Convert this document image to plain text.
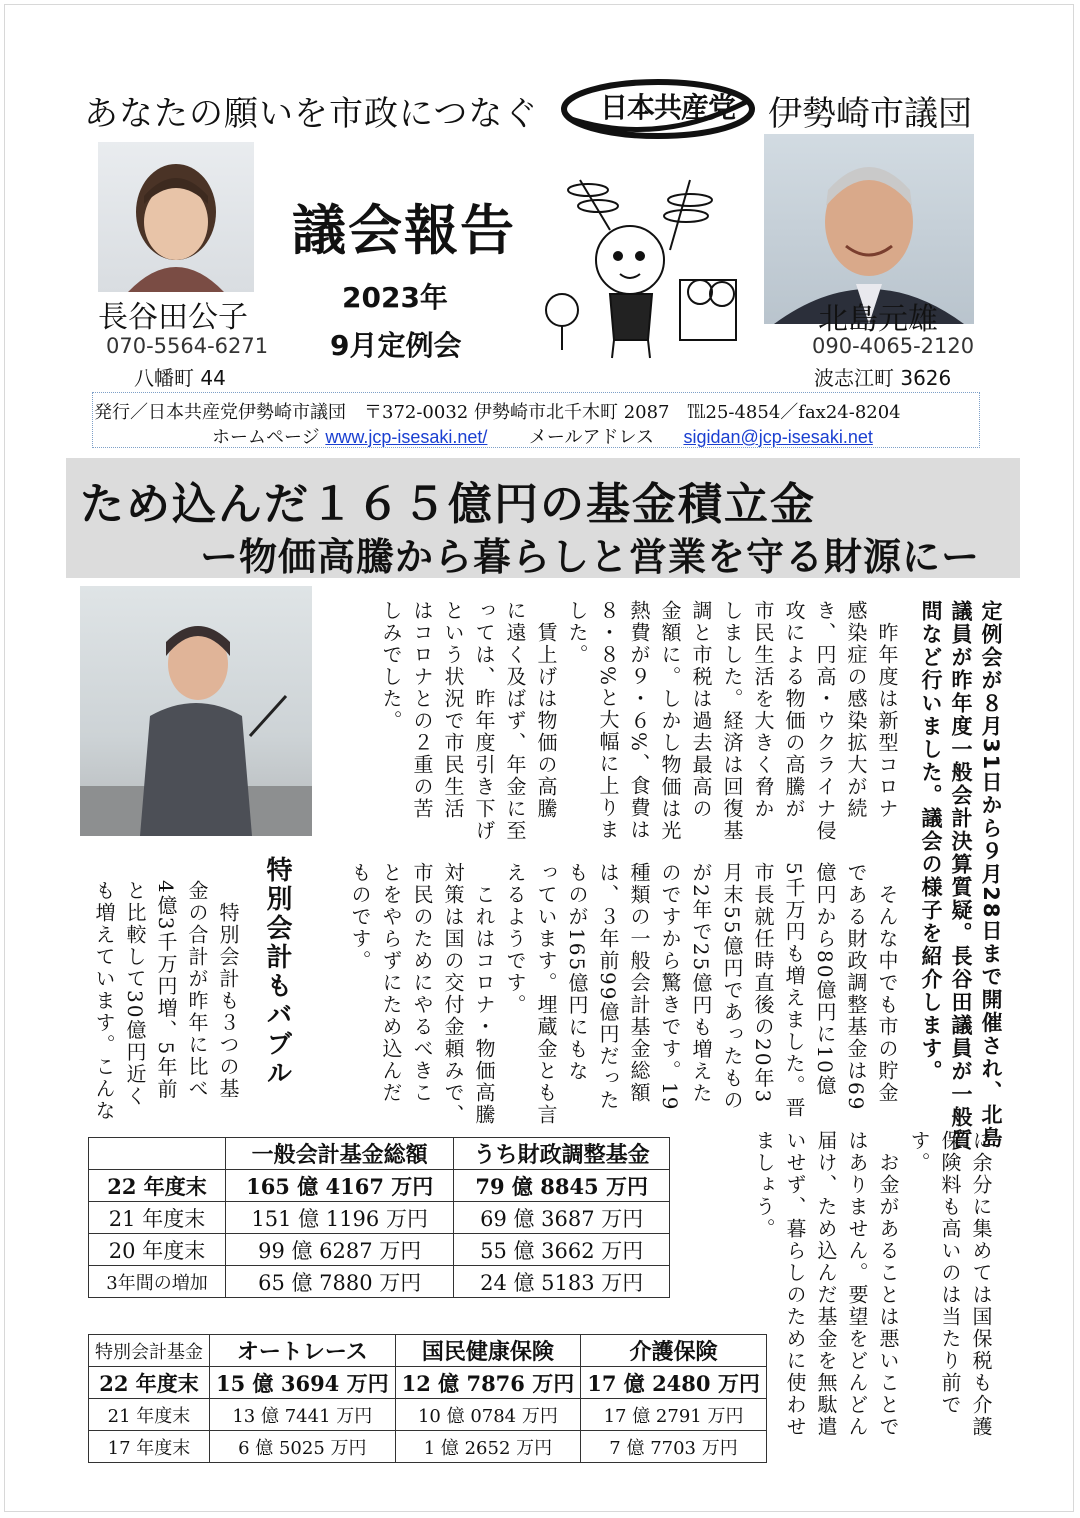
あなたの願いを市政につなぐ 日本共産党 伊勢崎市議団
長谷田公子
070-5564-6271
八幡町 44
議会報告
2023年
9月定例会
北島元雄
090-4065-2120
波志江町 3626
発行／日本共産党伊勢崎市議団　〒372-0032 伊勢崎市北千木町 2087　℡25-4854／fax24-8204
ホームページ www.jcp-isesaki.net/ メールアドレス sigidan@jcp-isesaki.net
ため込んだ１６５億円の基金積立金
ー物価高騰から暮らしと営業を守る財源にー
定例会が８月31日から９月28日まで開催され、北島
議員が昨年度一般会計決算質疑。長谷田議員が一般質
問など行いました。議会の様子を紹介します。
　昨年度は新型コロナ
感染症の感染拡大が続
き、円高・ウクライナ侵
攻による物価の高騰が
市民生活を大きく脅か
しました。経済は回復基
調と市税は過去最高の
金額に。しかし物価は光
熱費が９・６%、食費は
８・８%と大幅に上りま
した。
　賃上げは物価の高騰
に遠く及ばず、年金に至
っては、昨年度引き下げ
という状況で市民生活
はコロナとの２重の苦
しみでした。
　そんな中でも市の貯金
である財政調整基金は69
億円から80億円に10億
5千万円も増えました。晋
市長就任時直後の20年3
月末55億円であったもの
が2年で25億円も増えた
のですから驚きです。19
種類の一般会計基金総額
は、３年前99億円だった
ものが165億円にもな
っています。埋蔵金とも言
えるようです。
　これはコロナ・物価高騰
対策は国の交付金頼みで、
市民のためにやるべきこ
とをやらずにため込んだ
ものです。
特別会計もバブル
　特別会計も３つの基
金の合計が昨年に比べ
4億3千万円増、5年前
と比較して30億円近く
も増えています。こんな
に余分に集めては国保税も介護
保険料も高いのは当たり前で
す。
　お金があることは悪いことで
はありません。要望をどんどん
届け、ため込んだ基金を無駄遣
いせず、暮らしのために使わせ
ましょう。
	一般会計基金総額	うち財政調整基金
22 年度末	165 億 4167 万円	79 億 8845 万円
21 年度末	151 億 1196 万円	69 億 3687 万円
20 年度末	99 億 6287 万円	55 億 3662 万円
3年間の増加	65 億 7880 万円	24 億 5183 万円
特別会計基金	オートレース	国民健康保険	介護保険
22 年度末	15 億 3694 万円	12 億 7876 万円	17 億 2480 万円
21 年度末	13 億 7441 万円	10 億 0784 万円	17 億 2791 万円
17 年度末	6 億 5025 万円	1 億 2652 万円	7 億 7703 万円
